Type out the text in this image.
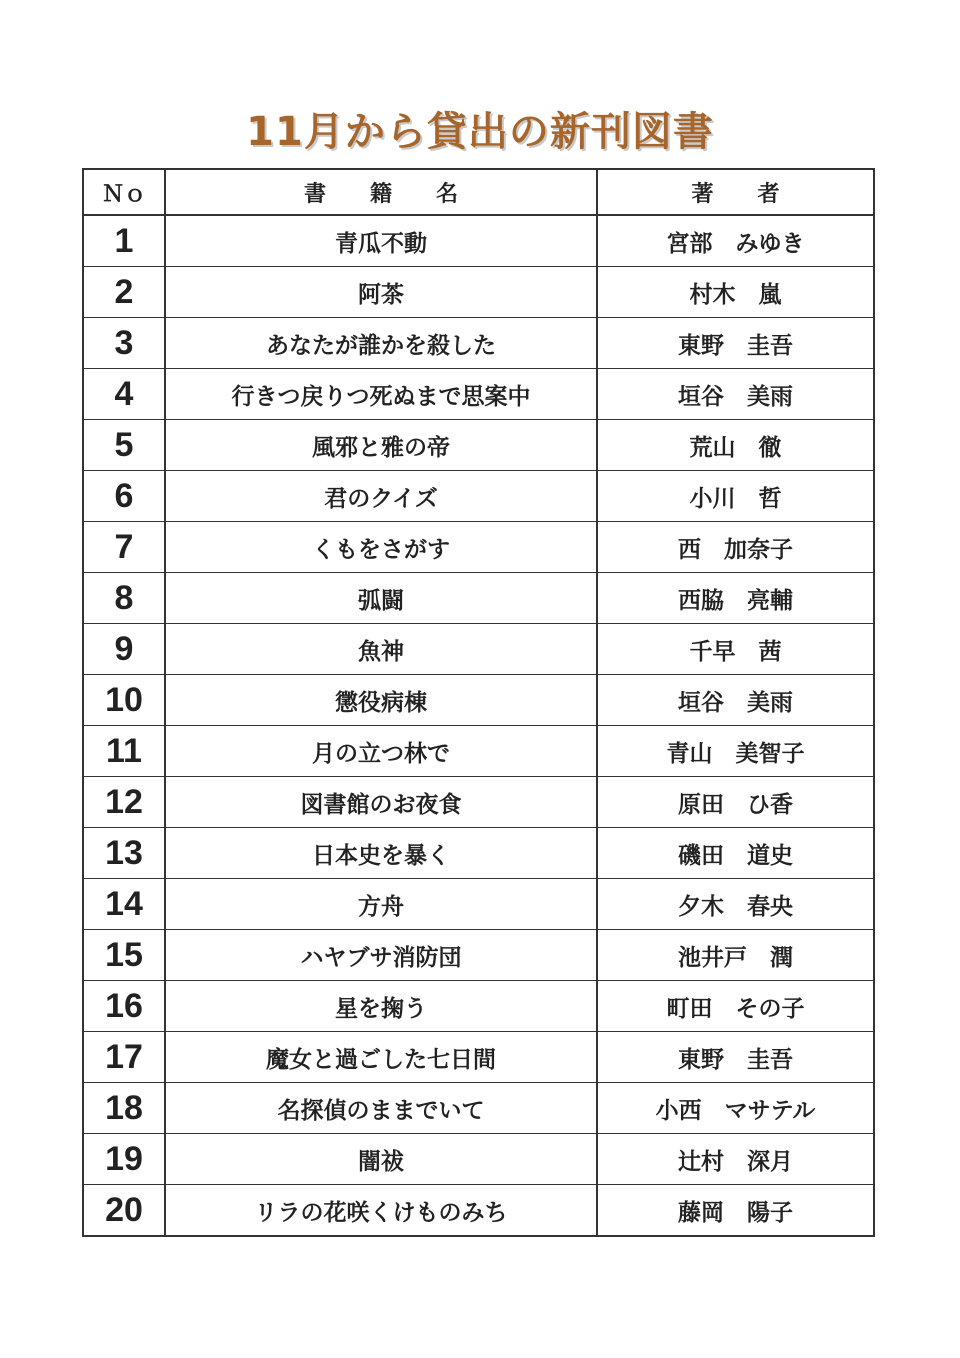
11月から貸出の新刊図書
Ｎｏ	書　　籍　　名	著　　者
1	青瓜不動	宮部　みゆき
2	阿茶	村木　嵐
3	あなたが誰かを殺した	東野　圭吾
4	行きつ戻りつ死ぬまで思案中	垣谷　美雨
5	風邪と雅の帝	荒山　徹
6	君のクイズ	小川　哲
7	くもをさがす	西　加奈子
8	弧闘	西脇　亮輔
9	魚神	千早　茜
10	懲役病棟	垣谷　美雨
11	月の立つ林で	青山　美智子
12	図書館のお夜食	原田　ひ香
13	日本史を暴く	磯田　道史
14	方舟	夕木　春央
15	ハヤブサ消防団	池井戸　潤
16	星を掬う	町田　その子
17	魔女と過ごした七日間	東野　圭吾
18	名探偵のままでいて	小西　マサテル
19	闇祓	辻村　深月
20	リラの花咲くけものみち	藤岡　陽子
